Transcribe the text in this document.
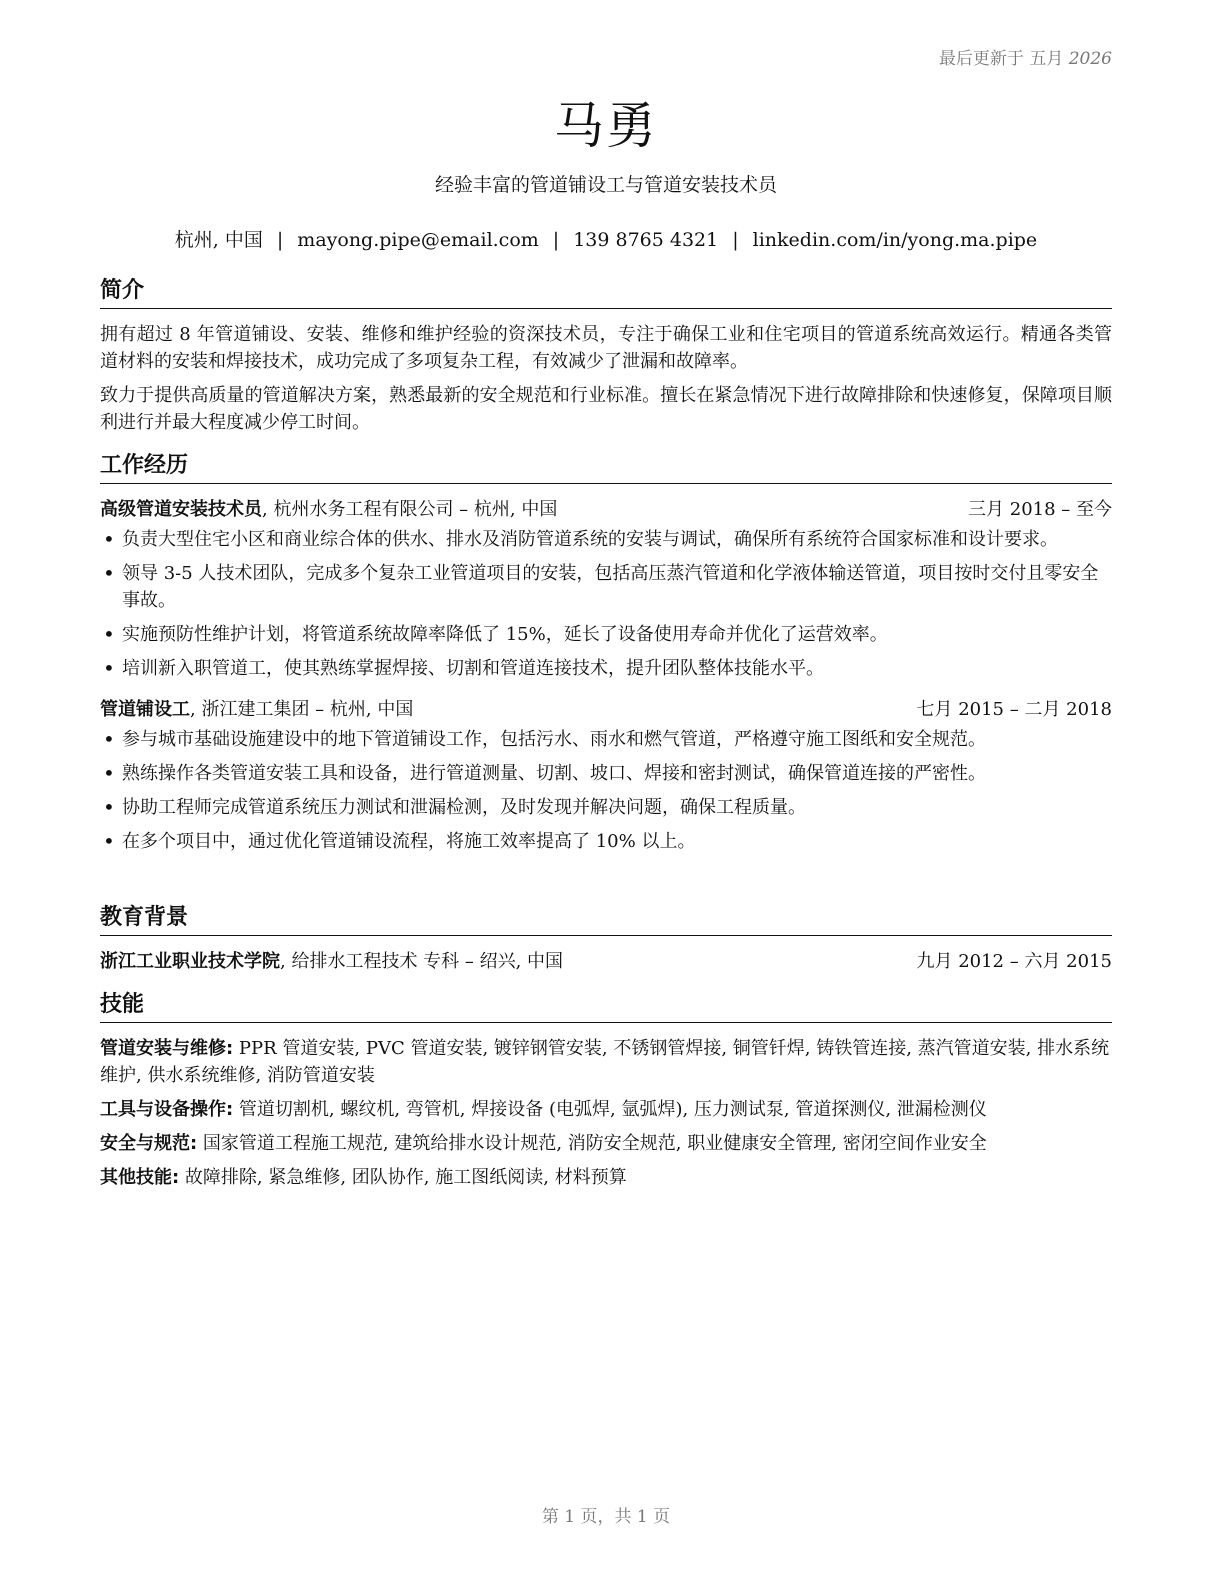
最后更新于 五月 2026
马勇
经验丰富的管道铺设工与管道安装技术员
杭州, 中国 | mayong.pipe@email.com | 139 8765 4321 | linkedin.com/in/yong.ma.pipe
简介

拥有超过 8 年管道铺设、安装、维修和维护经验的资深技术员，专注于确保工业和住宅项目的管道系统高效运行。精通各类管道材料的安装和焊接技术，成功完成了多项复杂工程，有效减少了泄漏和故障率。

致力于提供高质量的管道解决方案，熟悉最新的安全规范和行业标准。擅长在紧急情况下进行故障排除和快速修复，保障项目顺利进行并最大程度减少停工时间。

工作经历
高级管道安装技术员, 杭州水务工程有限公司 – 杭州, 中国	三月 2018 – 至今
• 负责大型住宅小区和商业综合体的供水、排水及消防管道系统的安装与调试，确保所有系统符合国家标准和设计要求。
• 领导 3-5 人技术团队，完成多个复杂工业管道项目的安装，包括高压蒸汽管道和化学液体输送管道，项目按时交付且零安全事故。
• 实施预防性维护计划，将管道系统故障率降低了 15%，延长了设备使用寿命并优化了运营效率。
• 培训新入职管道工，使其熟练掌握焊接、切割和管道连接技术，提升团队整体技能水平。
管道铺设工, 浙江建工集团 – 杭州, 中国	七月 2015 – 二月 2018
• 参与城市基础设施建设中的地下管道铺设工作，包括污水、雨水和燃气管道，严格遵守施工图纸和安全规范。
• 熟练操作各类管道安装工具和设备，进行管道测量、切割、坡口、焊接和密封测试，确保管道连接的严密性。
• 协助工程师完成管道系统压力测试和泄漏检测，及时发现并解决问题，确保工程质量。
• 在多个项目中，通过优化管道铺设流程，将施工效率提高了 10% 以上。
教育背景
浙江工业职业技术学院, 给排水工程技术 专科 – 绍兴, 中国	九月 2012 – 六月 2015
技能
管道安装与维修: PPR 管道安装, PVC 管道安装, 镀锌钢管安装, 不锈钢管焊接, 铜管钎焊, 铸铁管连接, 蒸汽管道安装, 排水系统维护, 供水系统维修, 消防管道安装
工具与设备操作: 管道切割机, 螺纹机, 弯管机, 焊接设备 (电弧焊, 氩弧焊), 压力测试泵, 管道探测仪, 泄漏检测仪
安全与规范: 国家管道工程施工规范, 建筑给排水设计规范, 消防安全规范, 职业健康安全管理, 密闭空间作业安全
其他技能: 故障排除, 紧急维修, 团队协作, 施工图纸阅读, 材料预算
第 1 页，共 1 页
